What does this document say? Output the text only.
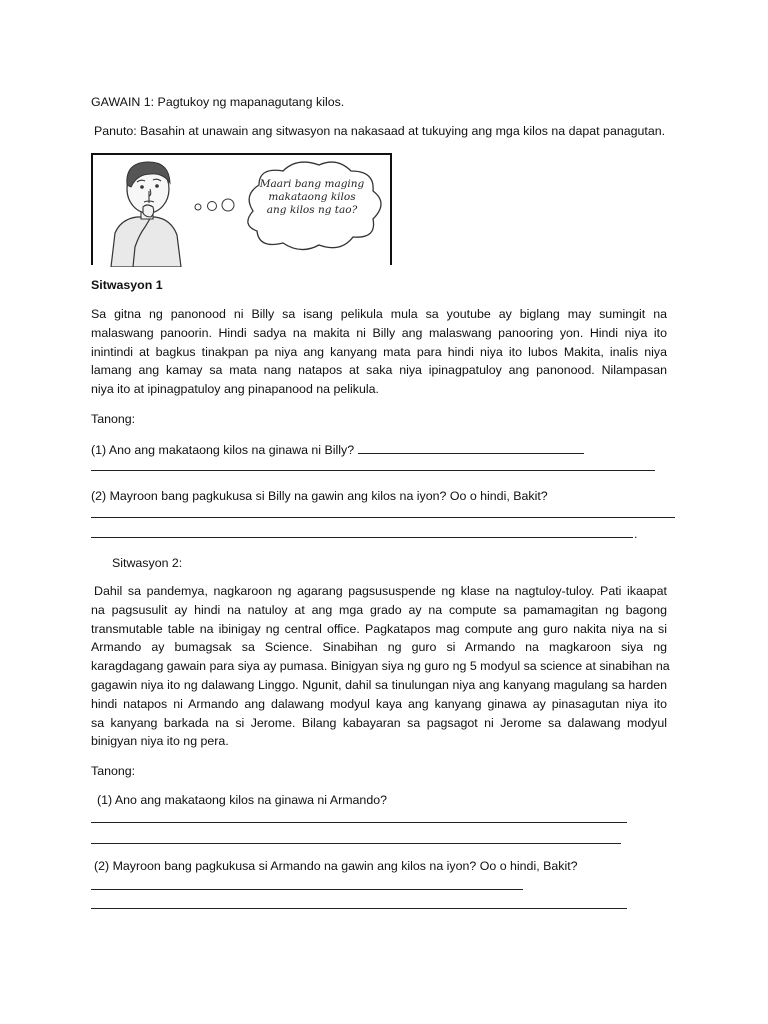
GAWAIN 1: Pagtukoy ng mapanagutang kilos.
Panuto: Basahin at unawain ang sitwasyon na nakasaad at tukuying ang mga kilos na dapat panagutan.
Maari bang maging
makataong kilos
ang kilos ng tao?
Sitwasyon 1
Sa gitna ng panonood ni Billy sa isang pelikula mula sa youtube ay biglang may sumingit na
malaswang panoorin. Hindi sadya na makita ni Billy ang malaswang panooring yon. Hindi niya ito
inintindi at bagkus tinakpan pa niya ang kanyang mata para hindi niya ito lubos Makita, inalis niya
lamang ang kamay sa mata nang natapos at saka niya ipinagpatuloy ang panonood. Nilampasan
niya ito at ipinagpatuloy ang pinapanood na pelikula.
Tanong:
(1) Ano ang makataong kilos na ginawa ni Billy?
(2) Mayroon bang pagkukusa si Billy na gawin ang kilos na iyon? Oo o hindi, Bakit?
.
Sitwasyon 2:
Dahil sa pandemya, nagkaroon ng agarang pagsususpende ng klase na nagtuloy-tuloy. Pati ikaapat
na pagsusulit ay hindi na natuloy at ang mga grado ay na compute sa pamamagitan ng bagong
transmutable table na ibinigay ng central office. Pagkatapos mag compute ang guro nakita niya na si
Armando ay bumagsak sa Science. Sinabihan ng guro si Armando na magkaroon siya ng
karagdagang gawain para siya ay pumasa. Binigyan siya ng guro ng 5 modyul sa science at sinabihan na
gagawin niya ito ng dalawang Linggo. Ngunit, dahil sa tinulungan niya ang kanyang magulang sa harden
hindi natapos ni Armando ang dalawang modyul kaya ang kanyang ginawa ay pinasagutan niya ito
sa kanyang barkada na si Jerome. Bilang kabayaran sa pagsagot ni Jerome sa dalawang modyul
binigyan niya ito ng pera.
Tanong:
(1) Ano ang makataong kilos na ginawa ni Armando?
(2) Mayroon bang pagkukusa si Armando na gawin ang kilos na iyon? Oo o hindi, Bakit?
